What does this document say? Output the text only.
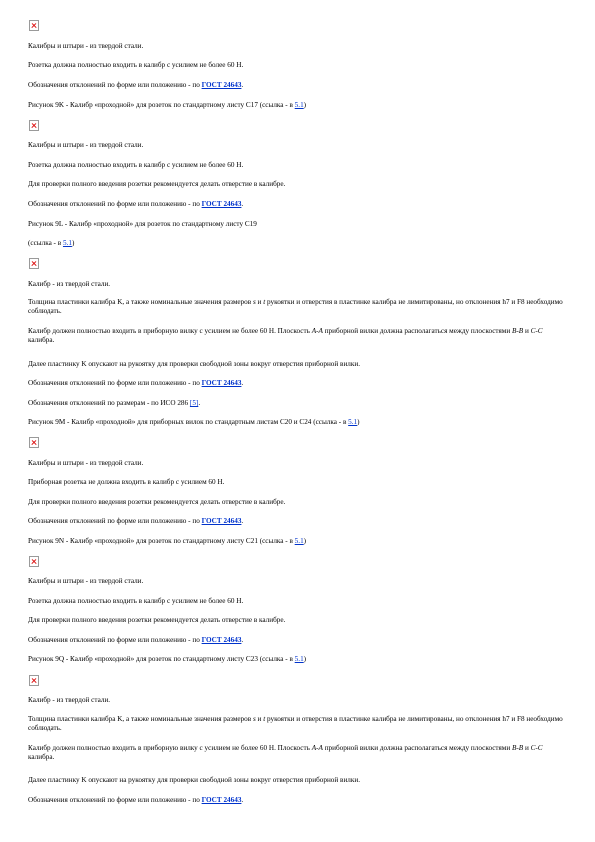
Калибры и штыри - из твердой стали.
Розетка должна полностью входить в калибр с усилием не более 60 Н.
Обозначения отклонений по форме или положению - по ГОСТ 24643.
Рисунок 9K - Калибр «проходной» для розеток по стандартному листу C17 (ссылка - в 5.1)
Калибры и штыри - из твердой стали.
Розетка должна полностью входить в калибр с усилием не более 60 Н.
Для проверки полного введения розетки рекомендуется делать отверстие в калибре.
Обозначения отклонений по форме или положению - по ГОСТ 24643.
Рисунок 9L - Калибр «проходной» для розеток по стандартному листу C19
(ссылка - в 5.1)
Калибр - из твердой стали.
Толщина пластинки калибра K, а также номинальные значения размеров s и t рукоятки и отверстия в пластинке калибра не лимитированы, но отклонения h7 и F8 необходимо соблюдать.
Калибр должен полностью входить в приборную вилку с усилием не более 60 Н. Плоскость A-A приборной вилки должна располагаться между плоскостями B-B и C-C калибра.
Далее пластинку K опускают на рукоятку для проверки свободной зоны вокруг отверстия приборной вилки.
Обозначения отклонений по форме или положению - по ГОСТ 24643.
Обозначения отклонений по размерам - по ИСО 286 [5].
Рисунок 9M - Калибр «проходной» для приборных вилок по стандартным листам C20 и C24 (ссылка - в 5.1)
Калибры и штыри - из твердой стали.
Приборная розетка не должна входить в калибр с усилием 60 Н.
Для проверки полного введения розетки рекомендуется делать отверстие в калибре.
Обозначения отклонений по форме или положению - по ГОСТ 24643.
Рисунок 9N - Калибр «проходной» для розеток по стандартному листу C21 (ссылка - в 5.1)
Калибры и штыри - из твердой стали.
Розетка должна полностью входить в калибр с усилием не более 60 Н.
Для проверки полного введения розетки рекомендуется делать отверстие в калибре.
Обозначения отклонений по форме или положению - по ГОСТ 24643.
Рисунок 9Q - Калибр «проходной» для розеток по стандартному листу C23 (ссылка - в 5.1)
Калибр - из твердой стали.
Толщина пластинки калибра K, а также номинальные значения размеров s и t рукоятки и отверстия в пластинке калибра не лимитированы, но отклонения h7 и F8 необходимо соблюдать.
Калибр должен полностью входить в приборную вилку с усилием не более 60 Н. Плоскость A-A приборной вилки должна располагаться между плоскостями B-B и C-C калибра.
Далее пластинку K опускают на рукоятку для проверки свободной зоны вокруг отверстия приборной вилки.
Обозначения отклонений по форме или положению - по ГОСТ 24643.
